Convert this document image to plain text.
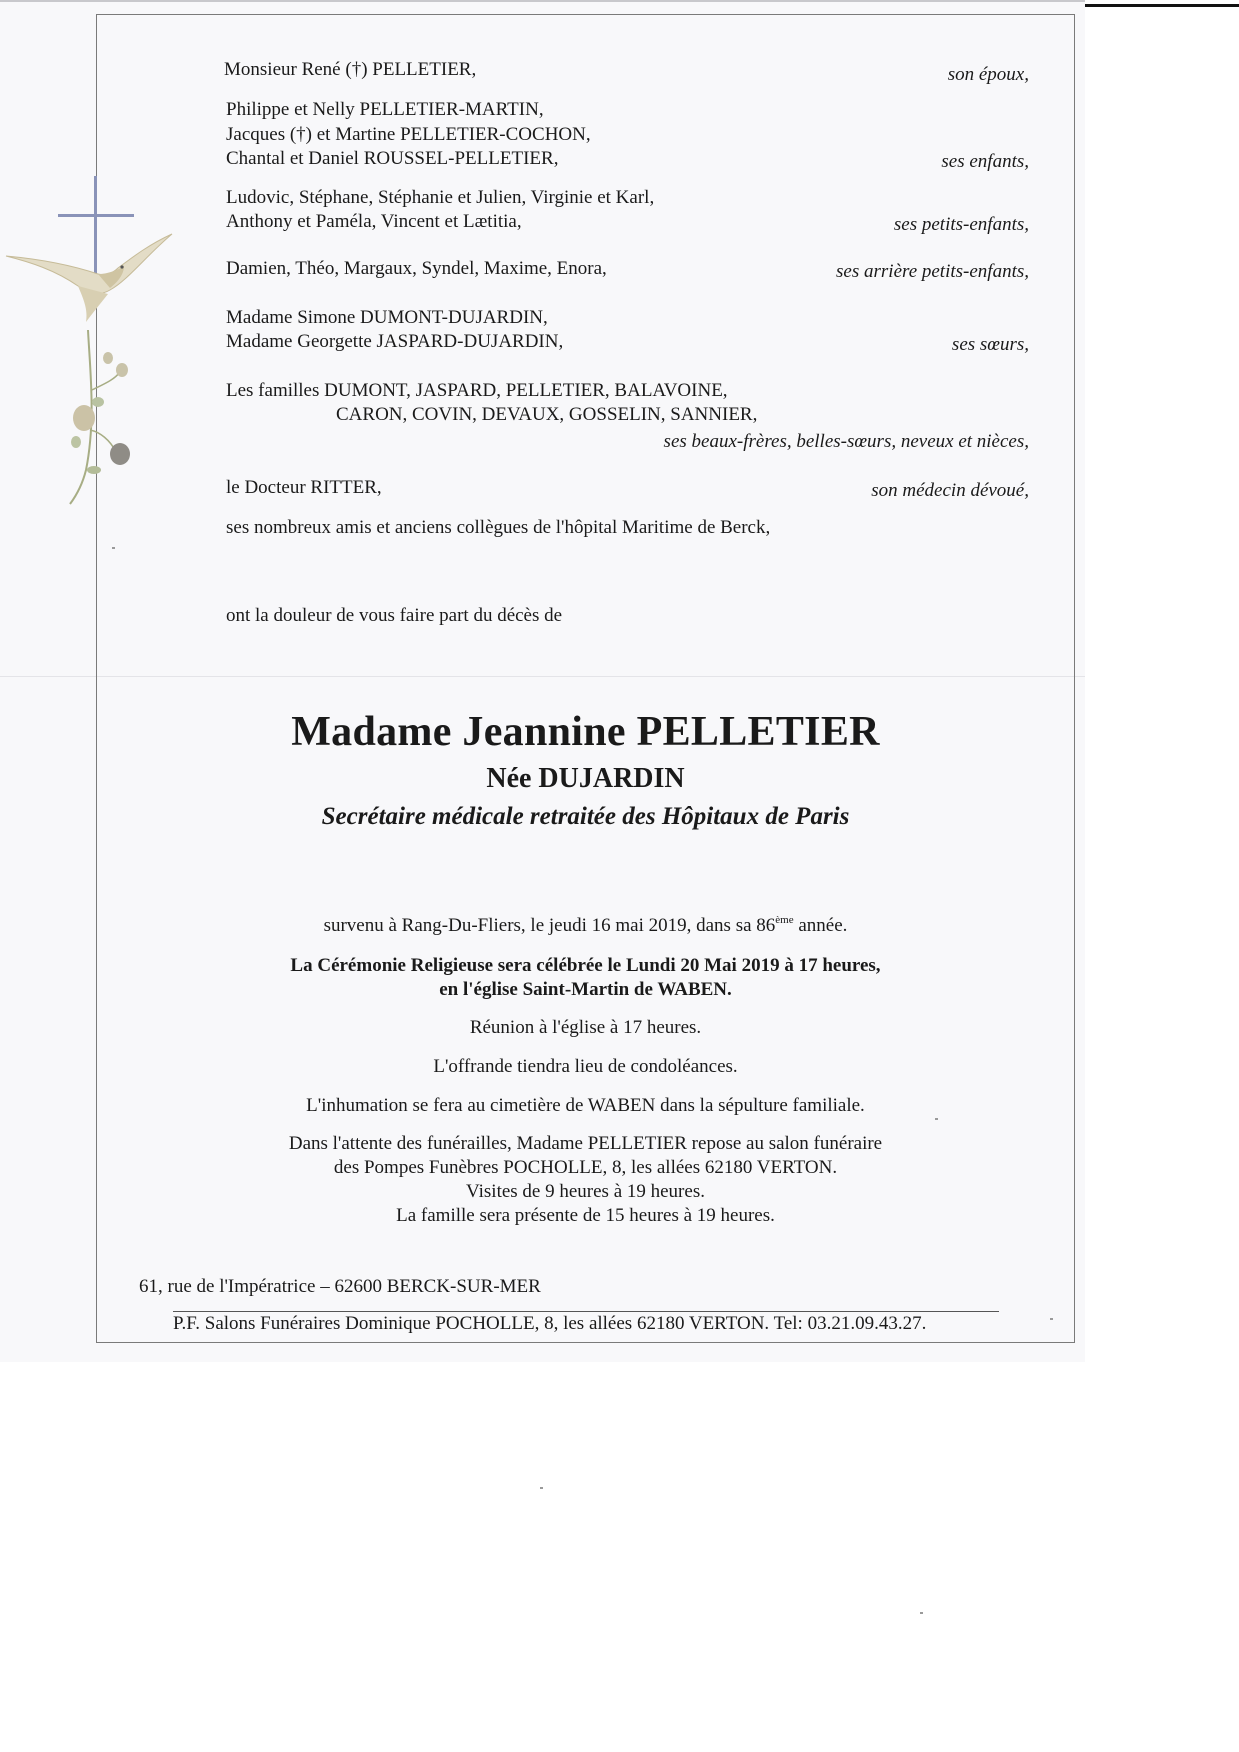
Monsieur René (†) PELLETIER,	son époux,
Philippe et Nelly PELLETIER-MARTIN,
Jacques (†) et Martine PELLETIER-COCHON,
Chantal et Daniel ROUSSEL-PELLETIER,	ses enfants,
Ludovic, Stéphane, Stéphanie et Julien, Virginie et Karl,
Anthony et Paméla, Vincent et Lætitia,	ses petits-enfants,
Damien, Théo, Margaux, Syndel, Maxime, Enora,	ses arrière petits-enfants,
Madame Simone DUMONT-DUJARDIN,
Madame Georgette JASPARD-DUJARDIN,	ses sœurs,
Les familles DUMONT, JASPARD, PELLETIER, BALAVOINE,
CARON, COVIN, DEVAUX, GOSSELIN, SANNIER,
ses beaux-frères, belles-sœurs, neveux et nièces,
le Docteur RITTER,	son médecin dévoué,
ses nombreux amis et anciens collègues de l'hôpital Maritime de Berck,
ont la douleur de vous faire part du décès de
Madame Jeannine PELLETIER
Née DUJARDIN
Secrétaire médicale retraitée des Hôpitaux de Paris
survenu à Rang-Du-Fliers, le jeudi 16 mai 2019, dans sa 86ème année.
La Cérémonie Religieuse sera célébrée le Lundi 20 Mai 2019 à 17 heures,
en l'église Saint-Martin de WABEN.
Réunion à l'église à 17 heures.
L'offrande tiendra lieu de condoléances.
L'inhumation se fera au cimetière de WABEN dans la sépulture familiale.
Dans l'attente des funérailles, Madame PELLETIER repose au salon funéraire
des Pompes Funèbres POCHOLLE, 8, les allées 62180 VERTON.
Visites de 9 heures à 19 heures.
La famille sera présente de 15 heures à 19 heures.
61, rue de l'Impératrice – 62600 BERCK-SUR-MER
P.F. Salons Funéraires Dominique POCHOLLE, 8, les allées 62180 VERTON. Tel: 03.21.09.43.27.
